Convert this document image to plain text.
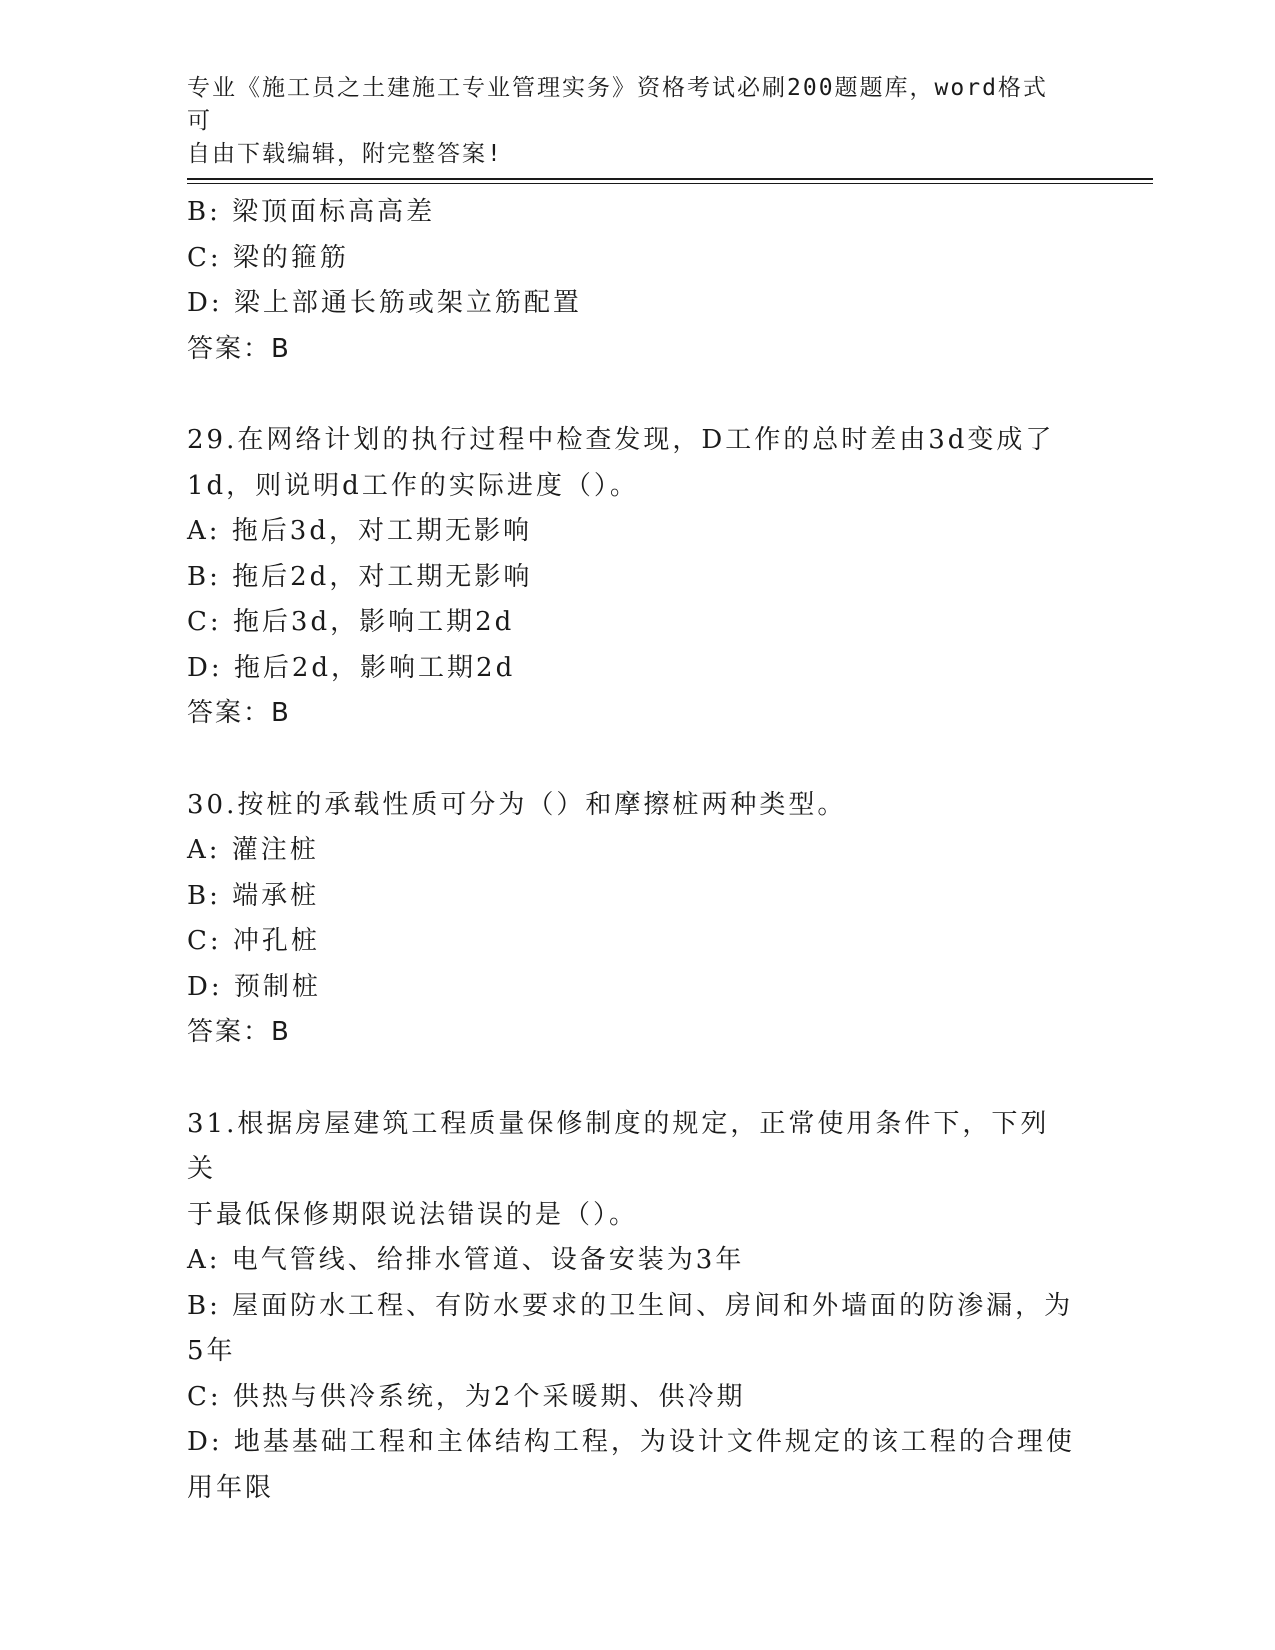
专业《施工员之土建施工专业管理实务》资格考试必刷200题题库，word格式可
自由下载编辑，附完整答案!

B: 梁顶面标高高差

C: 梁的箍筋

D: 梁上部通长筋或架立筋配置

答案：B

29.在网络计划的执行过程中检查发现，D工作的总时差由3d变成了

1d，则说明d工作的实际进度（）。

A: 拖后3d，对工期无影响

B: 拖后2d，对工期无影响

C: 拖后3d，影响工期2d

D: 拖后2d，影响工期2d

答案：B

30.按桩的承载性质可分为（）和摩擦桩两种类型。

A: 灌注桩

B: 端承桩

C: 冲孔桩

D: 预制桩

答案：B

31.根据房屋建筑工程质量保修制度的规定，正常使用条件下，下列关

于最低保修期限说法错误的是（）。

A: 电气管线、给排水管道、设备安装为3年

B: 屋面防水工程、有防水要求的卫生间、房间和外墙面的防渗漏，为

5年

C: 供热与供冷系统，为2个采暖期、供冷期

D: 地基基础工程和主体结构工程，为设计文件规定的该工程的合理使

用年限
